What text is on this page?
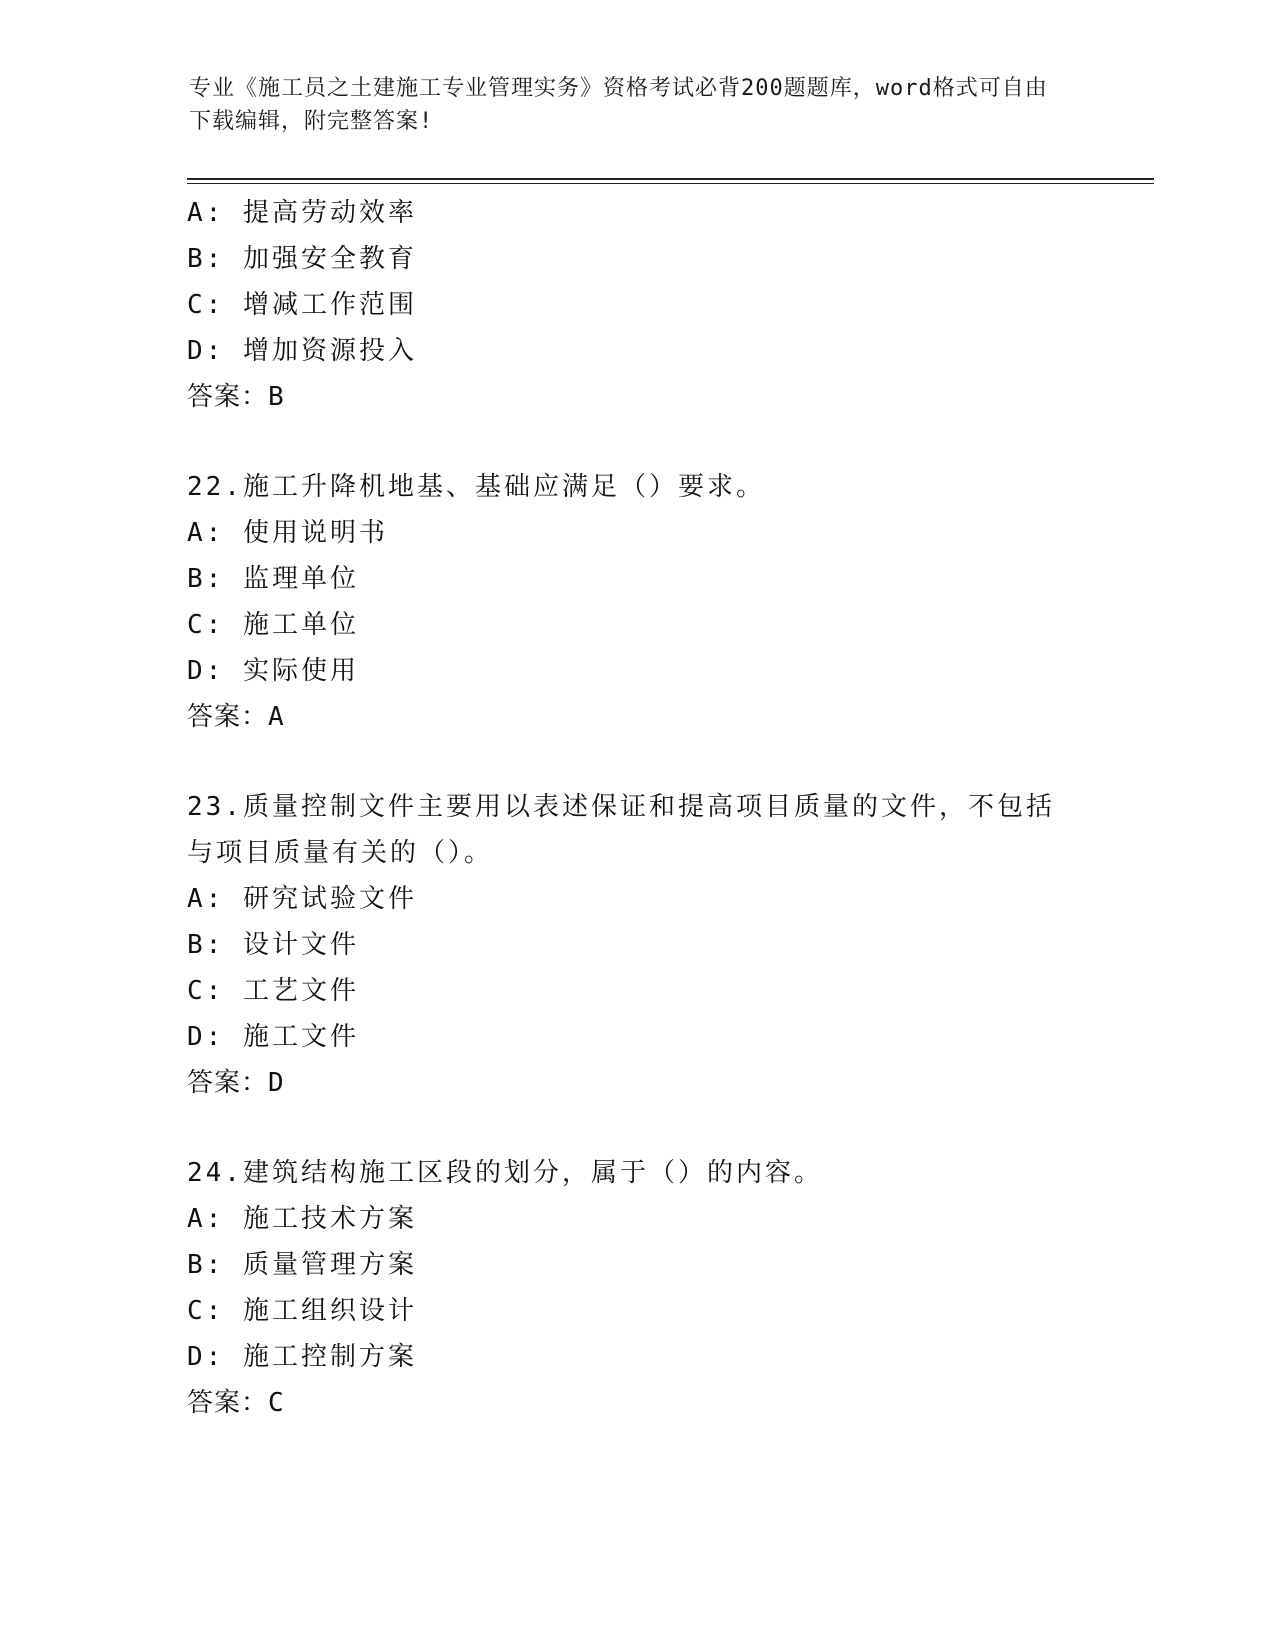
专业《施工员之土建施工专业管理实务》资格考试必背200题题库，word格式可自由下载编辑，附完整答案!
A: 提高劳动效率
B: 加强安全教育
C: 增减工作范围
D: 增加资源投入
答案：B
22.施工升降机地基、基础应满足（）要求。
A: 使用说明书
B: 监理单位
C: 施工单位
D: 实际使用
答案：A
23.质量控制文件主要用以表述保证和提高项目质量的文件，不包括与项目质量有关的（）。
A: 研究试验文件
B: 设计文件
C: 工艺文件
D: 施工文件
答案：D
24.建筑结构施工区段的划分，属于（）的内容。
A: 施工技术方案
B: 质量管理方案
C: 施工组织设计
D: 施工控制方案
答案：C
